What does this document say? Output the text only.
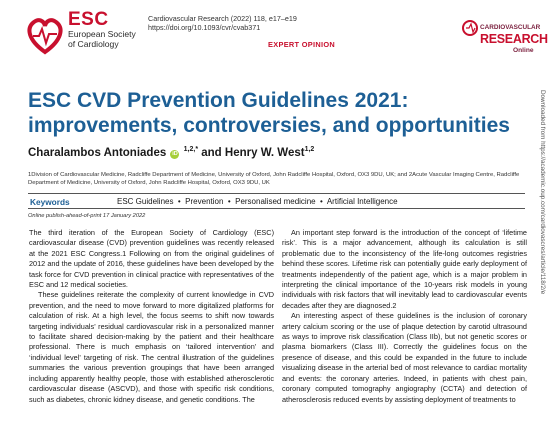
ESC
European Society
of Cardiology
Cardiovascular Research (2022) 118, e17–e19
https://doi.org/10.1093/cvr/cvab371
EXPERT OPINION
CARDIOVASCULAR
RESEARCH
Online
ESC CVD Prevention Guidelines 2021: improvements, controversies, and opportunities
Charalambos Antoniades iD $^{1,2,*}$ and Henry W. West$^{1,2}$
1Division of Cardiovascular Medicine, Radcliffe Department of Medicine, University of Oxford, John Radcliffe Hospital, Oxford, OX3 9DU, UK; and 2Acute Vascular Imaging Centre, Radcliffe Department of Medicine, University of Oxford, John Radcliffe Hospital, Oxford, OX3 9DU, UK
Keywords	ESC Guidelines  •  Prevention  •  Personalised medicine  •  Artificial Intelligence
Online publish-ahead-of-print 17 January 2022

The third iteration of the European Society of Cardiology (ESC) cardiovascular disease (CVD) prevention guidelines was recently released at the 2021 ESC Congress.1 Following on from the original guidelines of 2012 and the update of 2016, these guidelines have been developed by the task force for CVD prevention in clinical practice with representatives of the ESC and 12 medical societies.

These guidelines reiterate the complexity of current knowledge in CVD prevention, and the need to move forward to more digitalized platforms for calculation of risk. At a high level, the focus seems to shift now towards targeting individuals’ residual cardiovascular risk in a personalized manner to facilitate shared decision-making by the patient and their healthcare professional. There is much emphasis on ‘tailored intervention’ and ‘individual level’ targeting of risk. The central illustration of the guidelines summaries the various prevention groupings that have been arranged including apparently healthy people, those with established atherosclerotic cardiovascular disease (ASCVD), and those with specific risk conditions, such as diabetes, chronic kidney disease, and genetic conditions. The

An important step forward is the introduction of the concept of ‘lifetime risk’. This is a major advancement, although its calculation is still problematic due to the inconsistency of the life-long outcomes registries behind these scores. Lifetime risk can potentially guide early deployment of treatments independently of the patient age, which is a major problem in interpreting the clinical importance of the 10-years risk models in young individuals with risk factors that will inevitably lead to cardiovascular events decades after they are diagnosed.2

An interesting aspect of these guidelines is the inclusion of coronary artery calcium scoring or the use of plaque detection by carotid ultrasound as ways to improve risk classification (Class IIb), but not genetic scores or plasma biomarkers (Class III). Correctly the guidelines focus on the presence of disease, and this could be expanded in the future to include visualizing disease in the arterial bed of most relevance to cardiac mortality and events: the coronary arteries. Indeed, in patients with chest pain, coronary computed tomography angiography (CCTA) and detection of atherosclerosis reduced events by assisting deployment of treatments to

Downloaded from https://academic.oup.com/cardiovascres/article/118/2/e
